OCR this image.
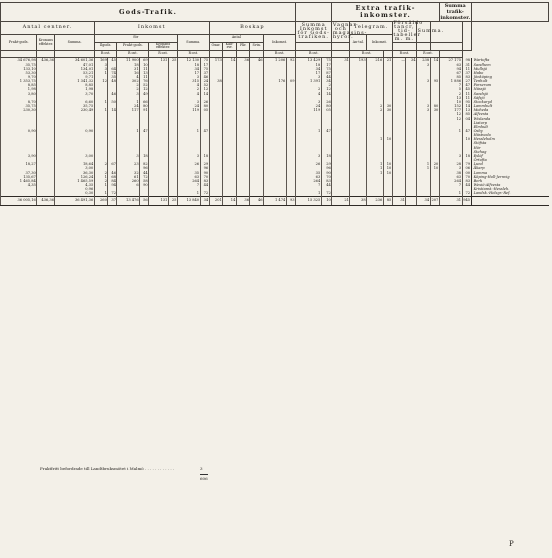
Gods-Trafik.																			Extra trafik-inkomster.								Summa trafik-inkomster.		
Antal centner.			Inkomst								Boskap						Summa Inkomst för Gods-trafiken.		Vagnar och magasins-hyror.	Telegram.			Försäldo tancr, tid-tabeller m. m.		Summa.				
Frakt-gods.	Kronans effekter.	Summa.	för						Summa.		Antal				Inkomst.					An-tal.	Inkomst.								
			Ilgods.		Frakt-gods.		Kronans effekter.				Oxar.	Kalf-svr.	Får.	Svin.															
			R:ost.		R:ost.		R:ost.		R:ost.						R:ost.		R:ost.			R:ost.			R:ost.		R:ost.				
34 676,98	436,36	34 601,36	169	45	11 900	69	131	25	12 130	75	173	14	36	46	1 206	92	13 429	75	31	193	216	21	—	34	238	14	27 175	98	Wartofta
35,75		47,01	3		18	10			18	17							18	17							3		63	31	Sandhem
133,10		134,01	3	64	31	11			34	75							34	75									94	11	Mullsjö
53,30		53,21	1	74	16	13			17	37							17	87									67	37	Habo
9,70		9,71		35	4	11			3	46							3	44									85	83	Jönköping
1 353,75		1 341,32	12	48	302	76			315	24	38				176	09	1 391	34							3	95	1 886	27	Tenhult
8,85		8,85			2	52			4	52								2									7	47	Forserum
1,98		1,98			2	12			2	12							2	12									5	45	Nässjö
3,80		3,70		46	3	49			4	14							4	14									2	11	Sandsjö
																											13	11	Säfsjö
8,70		6,60	1	50	1	66			3	26							3	26									10	95	Stockaryd
35,75		35,75			24	80			24	80							24	80			2	30			3	80	152	14	Lammhult
230,30		230,49	1	14	117	91			119	05							119	05			2	30			3	30	177	13	Moheda
																											12	85	Alfvesta
																											12	04	Wislanda
																													Liatorp
																													Elmhult
0,90		0,90			1	47			1	47							1	47									1	47	Osby
																													Hästveda
																					1	10						10	Hessleholm
																													Stöfsta
																													Hör
																													Stehag
3,90		3,00			3	18			3	18							3	18									3	18	Eslöf
																													Örtofta
18,27		18,64	2	67	23	82			26	29							26	29			1	10			1	20	28	79	Lund
		3,00				96				96								96			1	10			1	10	3	06	Åkarp
37,30		36,30	2	46	32	44			35	90							35	90			1	10					38	00	Lomma
135,67		126,24	1	68	61	72			63	70							63	70									63	70	Köping-Holl-Jernvig
1 465,84		1 465,59	2	84	260	58			264	83							264	83									264	83	Berk
4,35		4,35	1	94	6	90			7	44							7	44									7	44	Wexiö-Alfvesta
		0,96																											Kristianst.-Hessleh.
		0,30	1	72					1	72							1	72									1	72	Landsk.-Helsgr.-Ref.
36 005,16	436,36	36 491,36	260	37	13 476	56	131	25	13 840	34	201	14	36	46	1 474	93	15 325	10	21	38	236	85	31		34	207	31	945	
Fraktfritt befordrade till Landtbruksmötet i Malmö . . . . . . . . . . . .	3
606
P
